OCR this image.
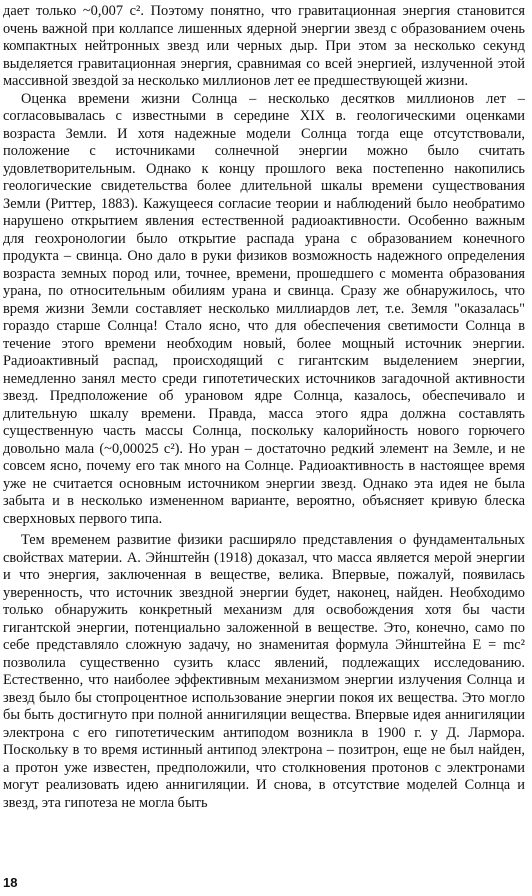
дает только ~0,007 c². Поэтому понятно, что гравитационная энергия становится очень важной при коллапсе лишенных ядерной энергии звезд с образованием очень компактных нейтронных звезд или черных дыр. При этом за несколько секунд выделяется гравитационная энергия, сравнимая со всей энергией, излученной этой массивной звездой за несколько миллионов лет ее предшествующей жизни.

Оценка времени жизни Солнца – несколько десятков миллионов лет – согласовывалась с известными в середине XIX в. геологическими оценками возраста Земли. И хотя надежные модели Солнца тогда еще отсутствовали, положение с источниками солнечной энергии можно было считать удовлетворительным. Однако к концу прошлого века постепенно накопились геологические свидетельства более длительной шкалы времени существования Земли (Риттер, 1883). Кажущееся согласие теории и наблюдений было необратимо нарушено открытием явления естественной радиоактивности. Особенно важным для геохронологии было открытие распада урана с образованием конечного продукта – свинца. Оно дало в руки физиков возможность надежного определения возраста земных пород или, точнее, времени, прошедшего с момента образования урана, по относительным обилиям урана и свинца. Сразу же обнаружилось, что время жизни Земли составляет несколько миллиардов лет, т.е. Земля "оказалась" гораздо старше Солнца! Стало ясно, что для обеспечения светимости Солнца в течение этого времени необходим новый, более мощный источник энергии. Радиоактивный распад, происходящий с гигантским выделением энергии, немедленно занял место среди гипотетических источников загадочной активности звезд. Предположение об урановом ядре Солнца, казалось, обеспечивало и длительную шкалу времени. Правда, масса этого ядра должна составлять существенную часть массы Солнца, поскольку калорийность нового горючего довольно мала (~0,00025 c²). Но уран – достаточно редкий элемент на Земле, и не совсем ясно, почему его так много на Солнце. Радиоактивность в настоящее время уже не считается основным источником энергии звезд. Однако эта идея не была забыта и в несколько измененном варианте, вероятно, объясняет кривую блеска сверхновых первого типа.

Тем временем развитие физики расширяло представления о фундаментальных свойствах материи. А. Эйнштейн (1918) доказал, что масса является мерой энергии и что энергия, заключенная в веществе, велика. Впервые, пожалуй, появилась уверенность, что источник звездной энергии будет, наконец, найден. Необходимо только обнаружить конкретный механизм для освобождения хотя бы части гигантской энергии, потенциально заложенной в веществе. Это, конечно, само по себе представляло сложную задачу, но знаменитая формула Эйнштейна E = mc² позволила существенно сузить класс явлений, подлежащих исследованию. Естественно, что наиболее эффективным механизмом энергии излучения Солнца и звезд было бы стопроцентное использование энергии покоя их вещества. Это могло бы быть достигнуто при полной аннигиляции вещества. Впервые идея аннигиляции электрона с его гипотетическим антиподом возникла в 1900 г. у Д. Лармора. Поскольку в то время истинный антипод электрона – позитрон, еще не был найден, а протон уже известен, предположили, что столкновения протонов с электронами могут реализовать идею аннигиляции. И снова, в отсутствие моделей Солнца и звезд, эта гипотеза не могла быть

18
